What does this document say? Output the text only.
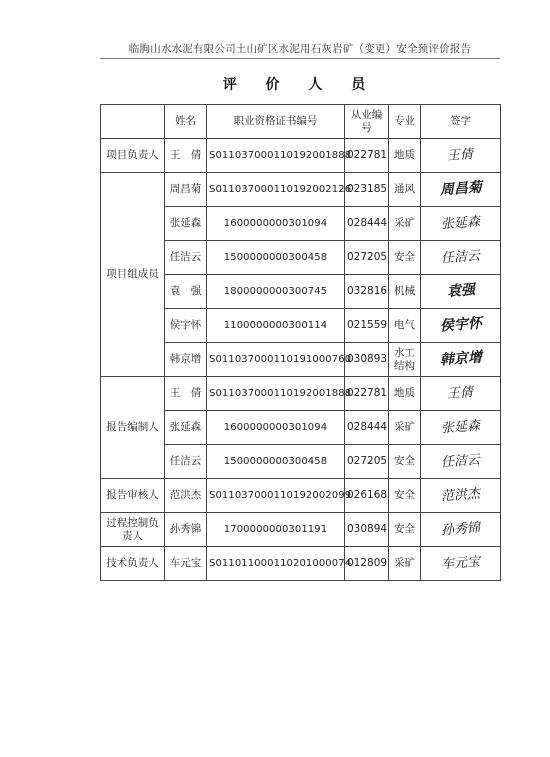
临朐山水水泥有限公司土山矿区水泥用石灰岩矿（变更）安全预评价报告
评 价 人 员
	姓名	职业资格证书编号	从业编号	专业	签字
项目负责人	王　倩	S011037000110192001888	022781	地质	王倩
项目组成员	周昌菊	S011037000110192002126	023185	通风	周昌菊
	张延森	1600000000301094	028444	采矿	张延森
	任洁云	1500000000300458	027205	安全	任洁云
	袁　强	1800000000300745	032816	机械	袁强
	侯宇怀	1100000000300114	021559	电气	侯宇怀
	韩京增	S011037000110191000760	030893	水工结构	韩京增
报告编制人	王　倩	S011037000110192001888	022781	地质	王倩
	张延森	1600000000301094	028444	采矿	张延森
	任洁云	1500000000300458	027205	安全	任洁云
报告审核人	范洪杰	S011037000110192002099	026168	安全	范洪杰
过程控制负责人	孙秀锦	1700000000301191	030894	安全	孙秀锦
技术负责人	车元宝	S011011000110201000074	012809	采矿	车元宝
